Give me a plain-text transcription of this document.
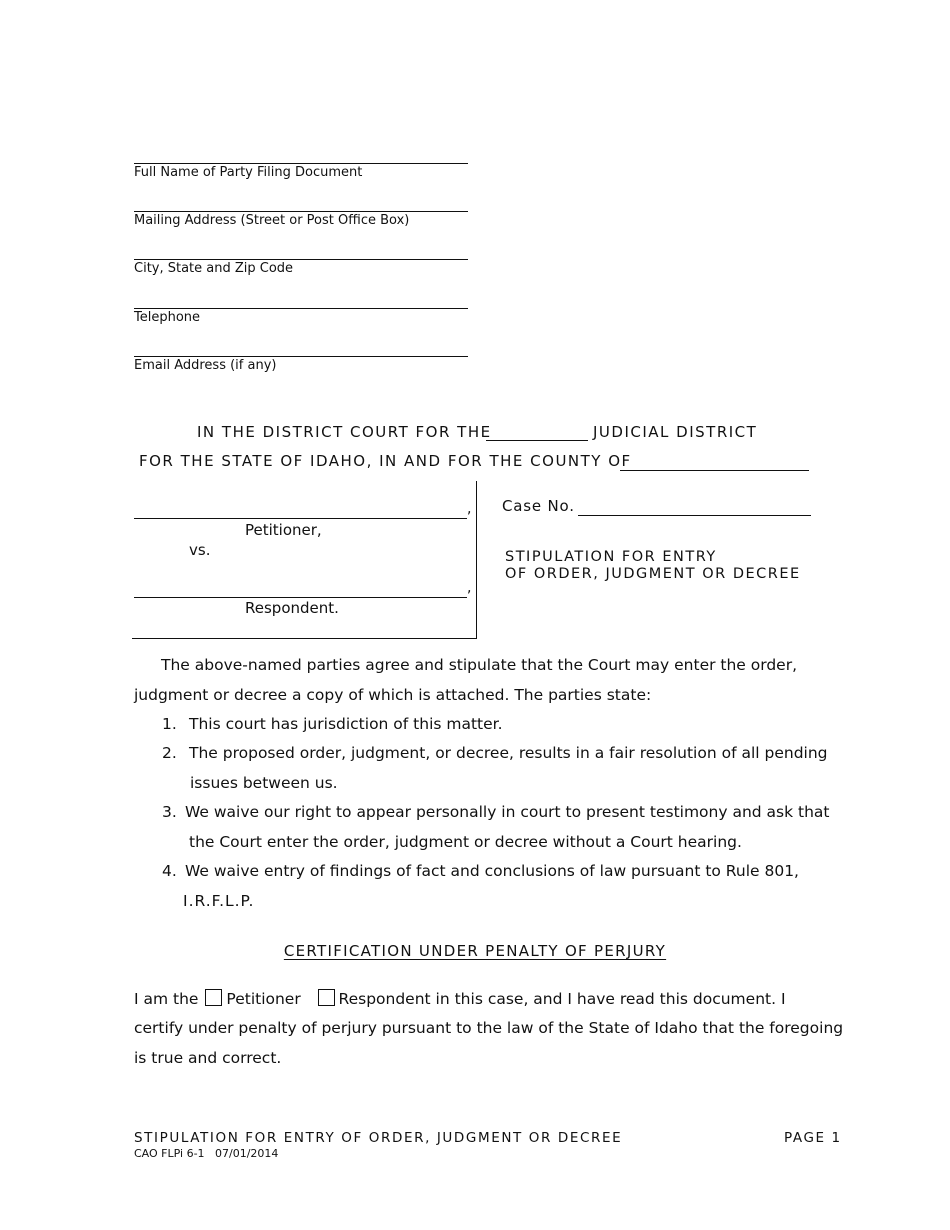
Full Name of Party Filing Document
Mailing Address (Street or Post Office Box)
City, State and Zip Code
Telephone
Email Address (if any)
IN THE DISTRICT COURT FOR THE	JUDICIAL DISTRICT
FOR THE STATE OF IDAHO, IN AND FOR THE COUNTY OF
,
Petitioner,
vs.
,
Respondent.
Case No.
STIPULATION FOR ENTRY
OF ORDER, JUDGMENT OR DECREE
The above-named parties agree and stipulate that the Court may enter the order,
judgment or decree a copy of which is attached. The parties state:
1. This court has jurisdiction of this matter.
2. The proposed order, judgment, or decree, results in a fair resolution of all pending
issues between us.
3. We waive our right to appear personally in court to present testimony and ask that
the Court enter the order, judgment or decree without a Court hearing.
4. We waive entry of findings of fact and conclusions of law pursuant to Rule 801,
I.R.F.L.P.
CERTIFICATION UNDER PENALTY OF PERJURY
I am the Petitioner Respondent in this case, and I have read this document. I
certify under penalty of perjury pursuant to the law of the State of Idaho that the foregoing
is true and correct.
STIPULATION FOR ENTRY OF ORDER, JUDGMENT OR DECREE	PAGE 1
CAO FLPi 6-1   07/01/2014
